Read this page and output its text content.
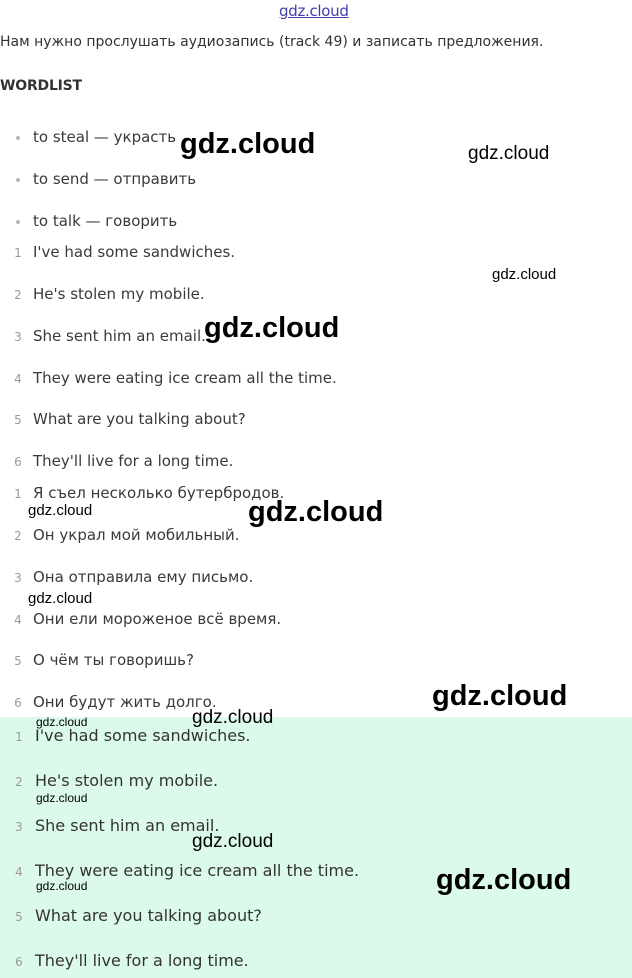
gdz.cloud
Нам нужно прослушать аудиозапись (track 49) и записать предложения.
WORDLIST
to steal — украсть
to send — отправить
to talk — говорить
1 I've had some sandwiches.
2 He's stolen my mobile.
3 She sent him an email.
4 They were eating ice cream all the time.
5 What are you talking about?
6 They'll live for a long time.
1 Я съел несколько бутербродов.
2 Он украл мой мобильный.
3 Она отправила ему письмо.
4 Они ели мороженое всё время.
5 О чём ты говоришь?
6 Они будут жить долго.
1 I've had some sandwiches.
2 He's stolen my mobile.
3 She sent him an email.
4 They were eating ice cream all the time.
5 What are you talking about?
6 They'll live for a long time.
gdz.cloud	gdz.cloud
gdz.cloud
gdz.cloud
gdz.cloud	gdz.cloud
gdz.cloud
gdz.cloud
gdz.cloud
gdz.cloud
gdz.cloud
gdz.cloud
gdz.cloud	gdz.cloud
